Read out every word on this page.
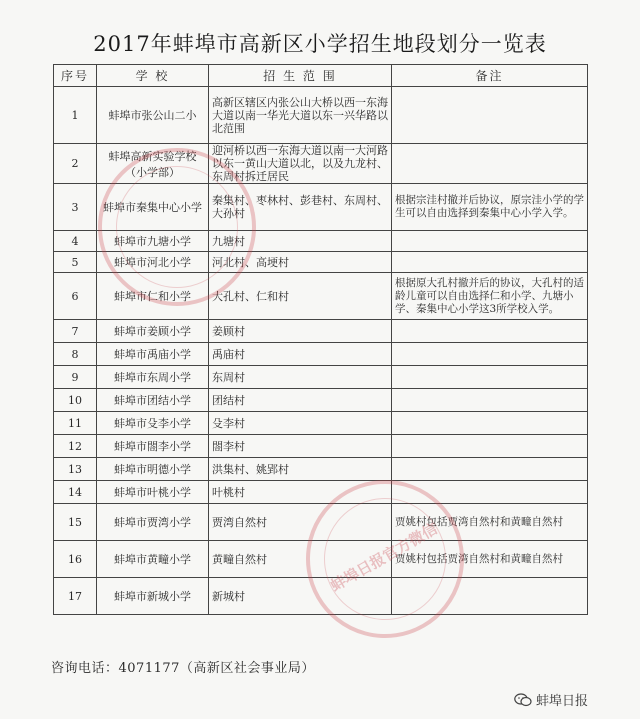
2017年蚌埠市高新区小学招生地段划分一览表
序号	学 校	招 生 范 围	备注
1	蚌埠市张公山二小	高新区辖区内张公山大桥以西一东海大道以南一华光大道以东一兴华路以北范围	
2	蚌埠高新实验学校（小学部）	迎河桥以西一东海大道以南一大河路以东一黄山大道以北，以及九龙村、东周村拆迁居民	
3	蚌埠市秦集中心小学	秦集村、枣林村、彭巷村、东周村、大孙村	根据宗洼村撤并后协议，原宗洼小学的学生可以自由选择到秦集中心小学入学。
4	蚌埠市九塘小学	九塘村	
5	蚌埠市河北小学	河北村、高埂村	
6	蚌埠市仁和小学	大孔村、仁和村	根据原大孔村撤并后的协议，大孔村的适龄儿童可以自由选择仁和小学、九塘小学、秦集中心小学这3所学校入学。
7	蚌埠市姜顾小学	姜顾村	
8	蚌埠市禹庙小学	禹庙村	
9	蚌埠市东周小学	东周村	
10	蚌埠市团结小学	团结村	
11	蚌埠市殳李小学	殳李村	
12	蚌埠市閤李小学	閤李村	
13	蚌埠市明德小学	洪集村、姚郢村	
14	蚌埠市叶桃小学	叶桃村	
15	蚌埠市贾湾小学	贾湾自然村	贾姚村包括贾湾自然村和黄疃自然村
16	蚌埠市黄疃小学	黄疃自然村	贾姚村包括贾湾自然村和黄疃自然村
17	蚌埠市新城小学	新城村	
蚌埠日报官方微信
咨询电话：4071177（高新区社会事业局）
蚌埠日报
